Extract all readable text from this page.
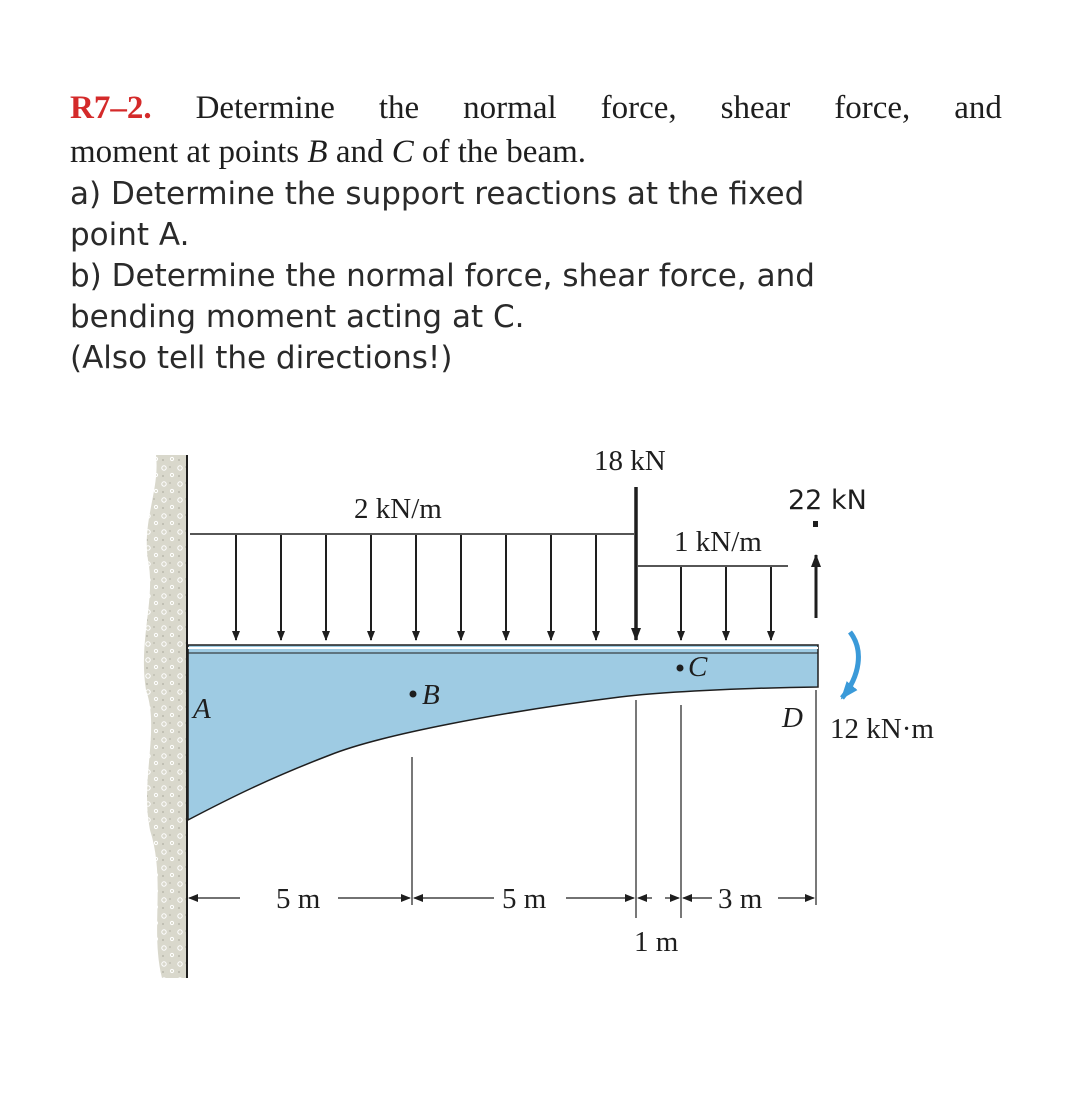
R7–2. Determine the normal force, shear force, and
moment at points B and C of the beam.
a) Determine the support reactions at the fixed
point A.
b) Determine the normal force, shear force, and
bending moment acting at C.
(Also tell the directions!)
18 kN
22 kN
2 kN/m
1 kN/m
A	B
C
D 12 kN·m
5 m	5 m
1 m
3 m
